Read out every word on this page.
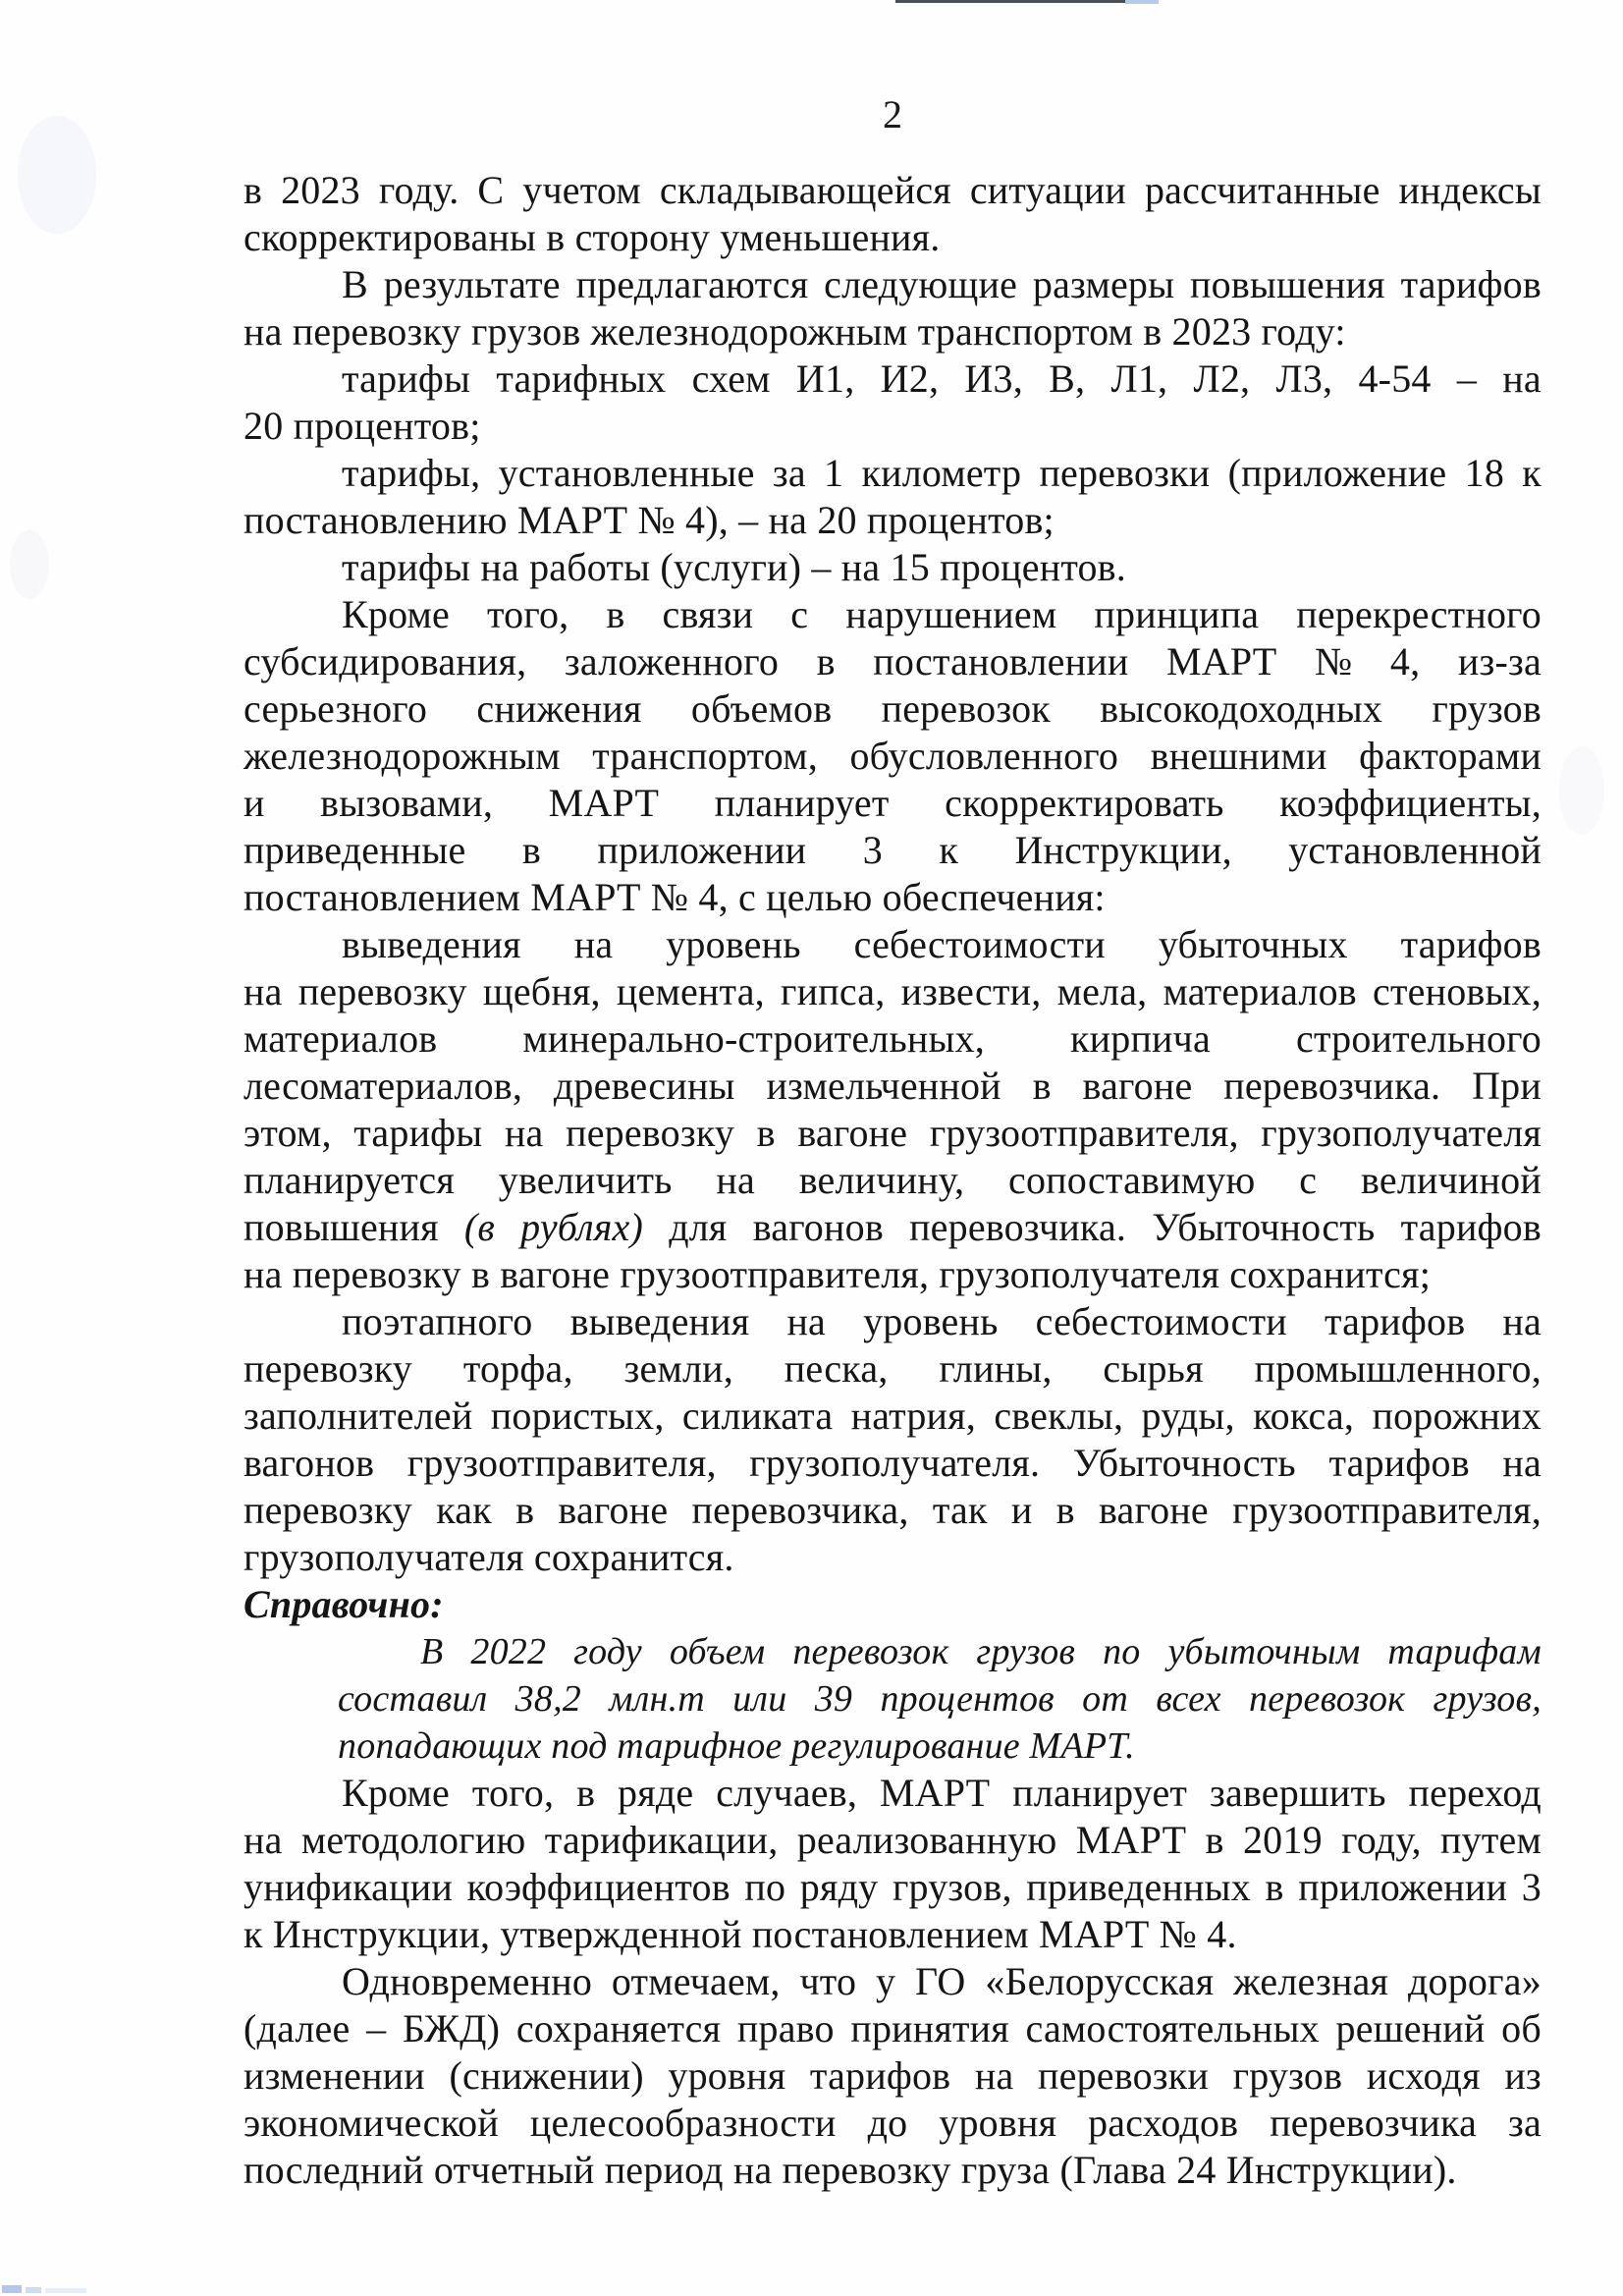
2
в 2023 году. С учетом складывающейся ситуации рассчитанные индексы
скорректированы в сторону уменьшения.
В результате предлагаются следующие размеры повышения тарифов
на перевозку грузов железнодорожным транспортом в 2023 году:
тарифы тарифных схем И1, И2, И3, В, Л1, Л2, Л3, 4-54 – на
20 процентов;
тарифы, установленные за 1 километр перевозки (приложение 18 к
постановлению МАРТ № 4), – на 20 процентов;
тарифы на работы (услуги) – на 15 процентов.
Кроме того, в связи с нарушением принципа перекрестного
субсидирования, заложенного в постановлении МАРТ № 4, из-за
серьезного снижения объемов перевозок высокодоходных грузов
железнодорожным транспортом, обусловленного внешними факторами
и вызовами, МАРТ планирует скорректировать коэффициенты,
приведенные в приложении 3 к Инструкции, установленной
постановлением МАРТ № 4, с целью обеспечения:
выведения на уровень себестоимости убыточных тарифов
на перевозку щебня, цемента, гипса, извести, мела, материалов стеновых,
материалов минерально-строительных, кирпича строительного
лесоматериалов, древесины измельченной в вагоне перевозчика. При
этом, тарифы на перевозку в вагоне грузоотправителя, грузополучателя
планируется увеличить на величину, сопоставимую с величиной
повышения (в рублях) для вагонов перевозчика. Убыточность тарифов
на перевозку в вагоне грузоотправителя, грузополучателя сохранится;
поэтапного выведения на уровень себестоимости тарифов на
перевозку торфа, земли, песка, глины, сырья промышленного,
заполнителей пористых, силиката натрия, свеклы, руды, кокса, порожних
вагонов грузоотправителя, грузополучателя. Убыточность тарифов на
перевозку как в вагоне перевозчика, так и в вагоне грузоотправителя,
грузополучателя сохранится.
Справочно:
В 2022 году объем перевозок грузов по убыточным тарифам
составил 38,2 млн.т или 39 процентов от всех перевозок грузов,
попадающих под тарифное регулирование МАРТ.
Кроме того, в ряде случаев, МАРТ планирует завершить переход
на методологию тарификации, реализованную МАРТ в 2019 году, путем
унификации коэффициентов по ряду грузов, приведенных в приложении 3
к Инструкции, утвержденной постановлением МАРТ № 4.
Одновременно отмечаем, что у ГО «Белорусская железная дорога»
(далее – БЖД) сохраняется право принятия самостоятельных решений об
изменении (снижении) уровня тарифов на перевозки грузов исходя из
экономической целесообразности до уровня расходов перевозчика за
последний отчетный период на перевозку груза (Глава 24 Инструкции).
